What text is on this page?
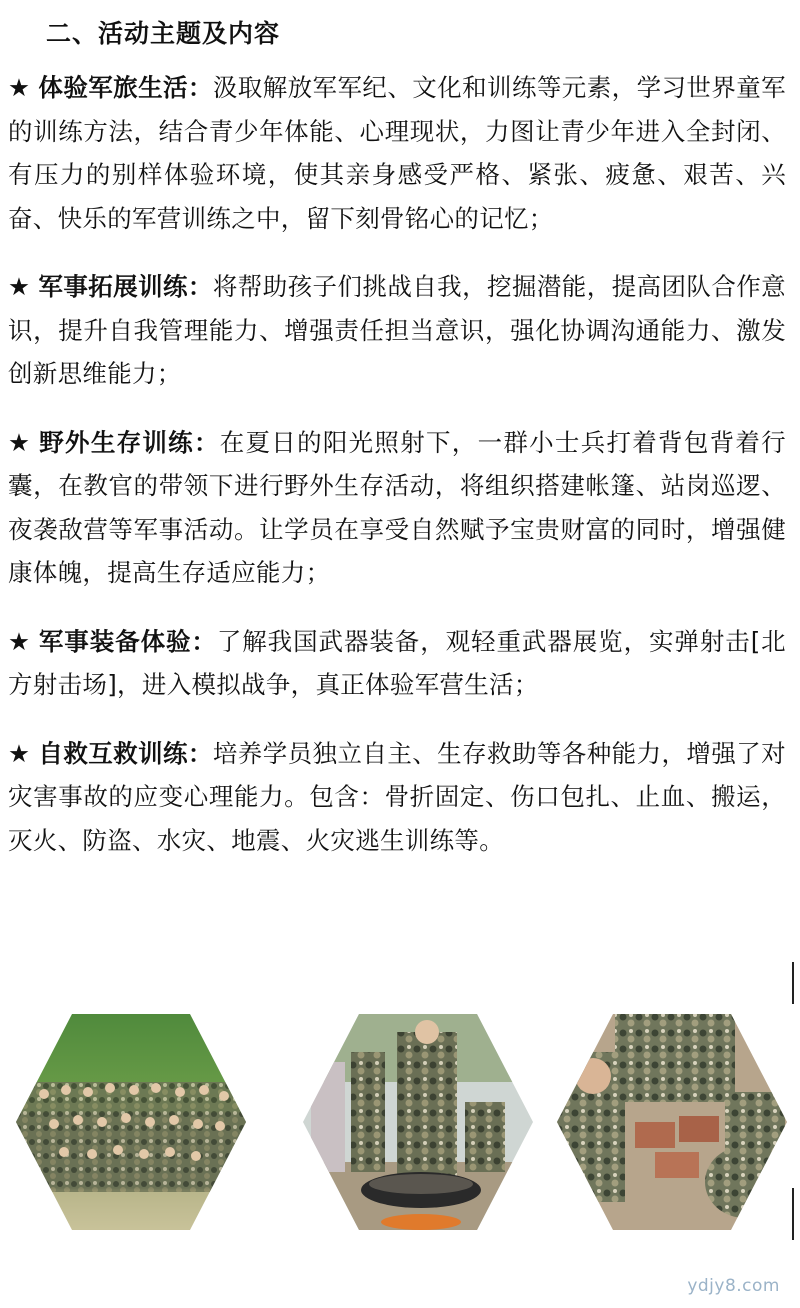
二、活动主题及内容

★ 体验军旅生活：汲取解放军军纪、文化和训练等元素，学习世界童军的训练方法，结合青少年体能、心理现状，力图让青少年进入全封闭、有压力的别样体验环境，使其亲身感受严格、紧张、疲惫、艰苦、兴奋、快乐的军营训练之中，留下刻骨铭心的记忆；

★ 军事拓展训练：将帮助孩子们挑战自我，挖掘潜能，提高团队合作意识，提升自我管理能力、增强责任担当意识，强化协调沟通能力、激发创新思维能力；

★ 野外生存训练：在夏日的阳光照射下，一群小士兵打着背包背着行囊，在教官的带领下进行野外生存活动，将组织搭建帐篷、站岗巡逻、夜袭敌营等军事活动。让学员在享受自然赋予宝贵财富的同时，增强健康体魄，提高生存适应能力；

★ 军事装备体验：了解我国武器装备，观轻重武器展览，实弹射击[北方射击场]，进入模拟战争，真正体验军营生活；

★ 自救互救训练：培养学员独立自主、生存救助等各种能力，增强了对灾害事故的应变心理能力。包含：骨折固定、伤口包扎、止血、搬运，灭火、防盗、水灾、地震、火灾逃生训练等。

ydjy8.com
